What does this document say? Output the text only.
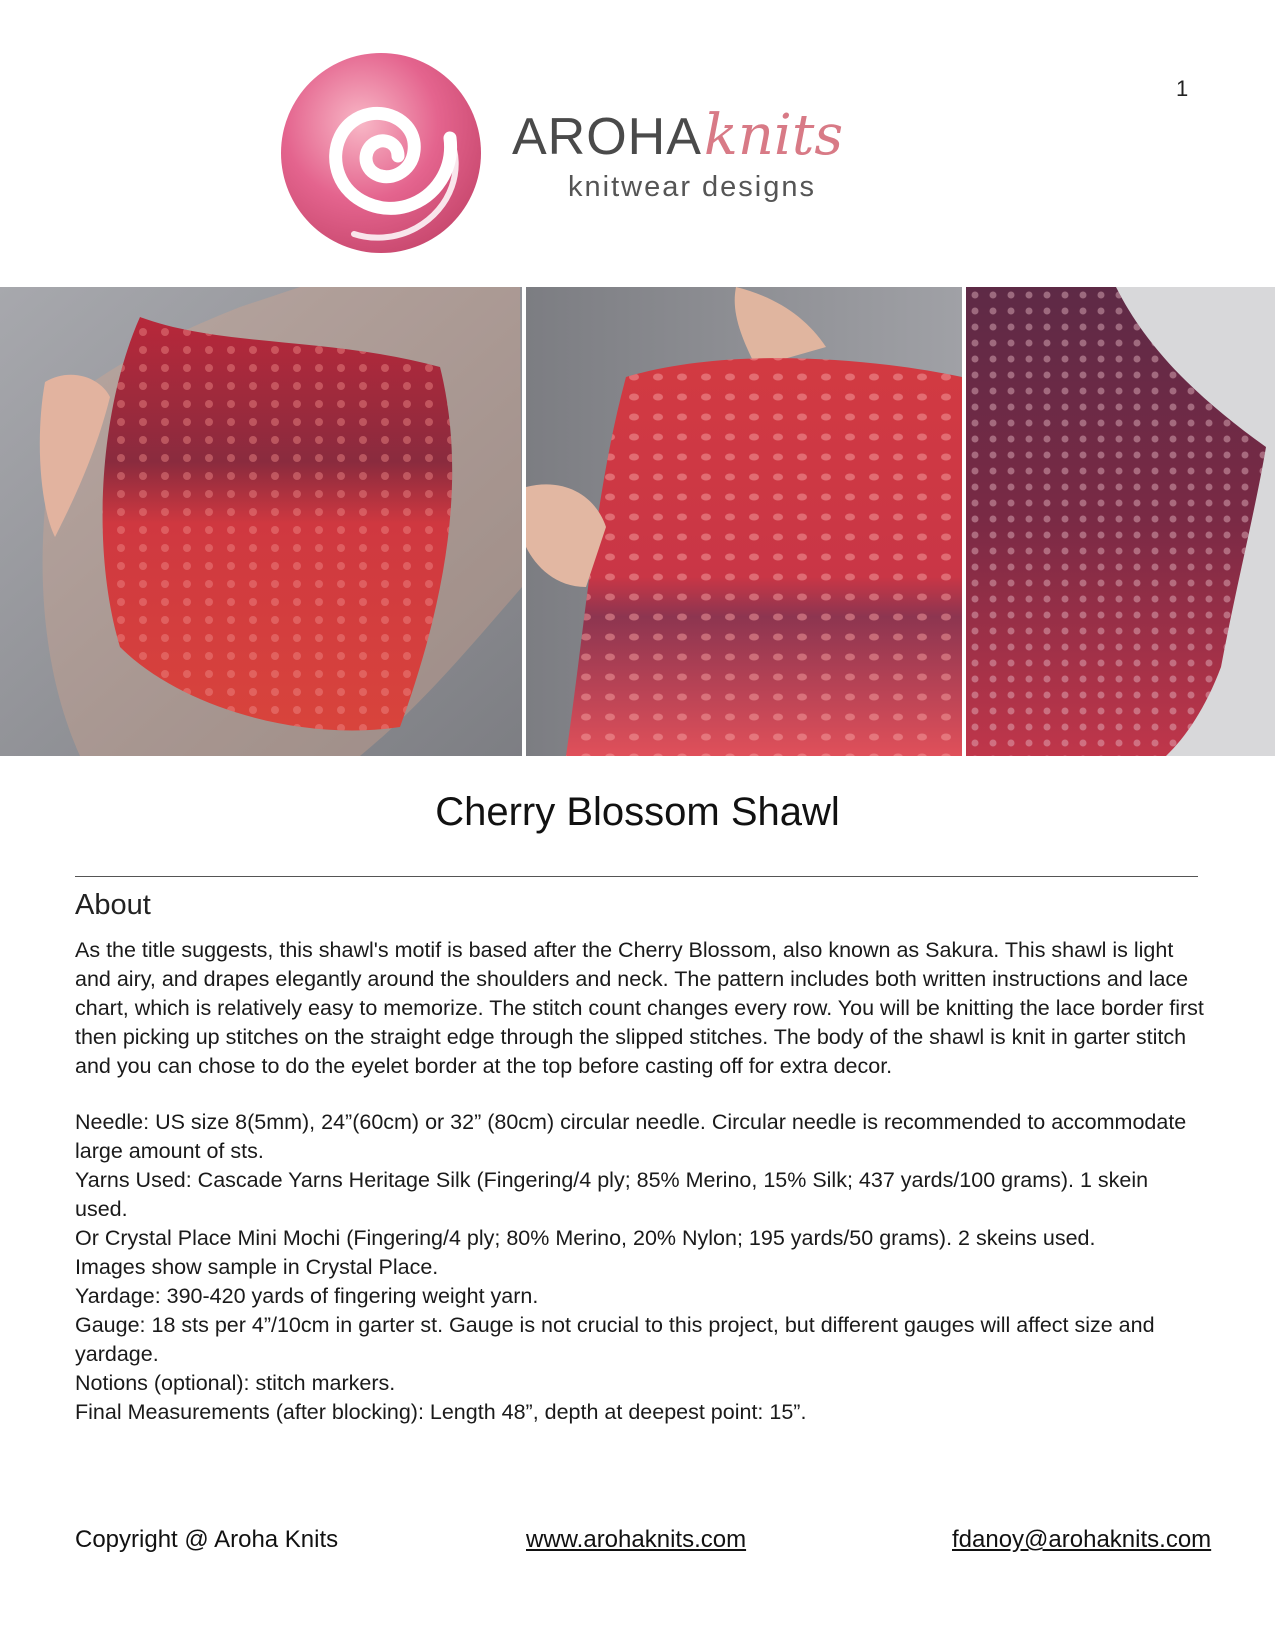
1
AROHAknits
knitwear designs
Cherry Blossom Shawl
About

As the title suggests, this shawl's motif is based after the Cherry Blossom, also known as Sakura. This shawl is light and airy, and drapes elegantly around the shoulders and neck. The pattern includes both written instructions and lace chart, which is relatively easy to memorize. The stitch count changes every row. You will be knitting the lace border first then picking up stitches on the straight edge through the slipped stitches. The body of the shawl is knit in garter stitch and you can chose to do the eyelet border at the top before casting off for extra decor.

Needle: US size 8(5mm), 24”(60cm) or 32” (80cm) circular needle. Circular needle is recommended to accommodate large amount of sts.
Yarns Used: Cascade Yarns Heritage Silk (Fingering/4 ply; 85% Merino, 15% Silk; 437 yards/100 grams). 1 skein used.
Or Crystal Place Mini Mochi (Fingering/4 ply; 80% Merino, 20% Nylon; 195 yards/50 grams). 2 skeins used.
Images show sample in Crystal Place.
Yardage: 390-420 yards of fingering weight yarn.
Gauge: 18 sts per 4”/10cm in garter st. Gauge is not crucial to this project, but different gauges will affect size and yardage.
Notions (optional): stitch markers.
Final Measurements (after blocking): Length 48”, depth at deepest point: 15”.
Copyright @ Aroha Knits	www.arohaknits.com	fdanoy@arohaknits.com
